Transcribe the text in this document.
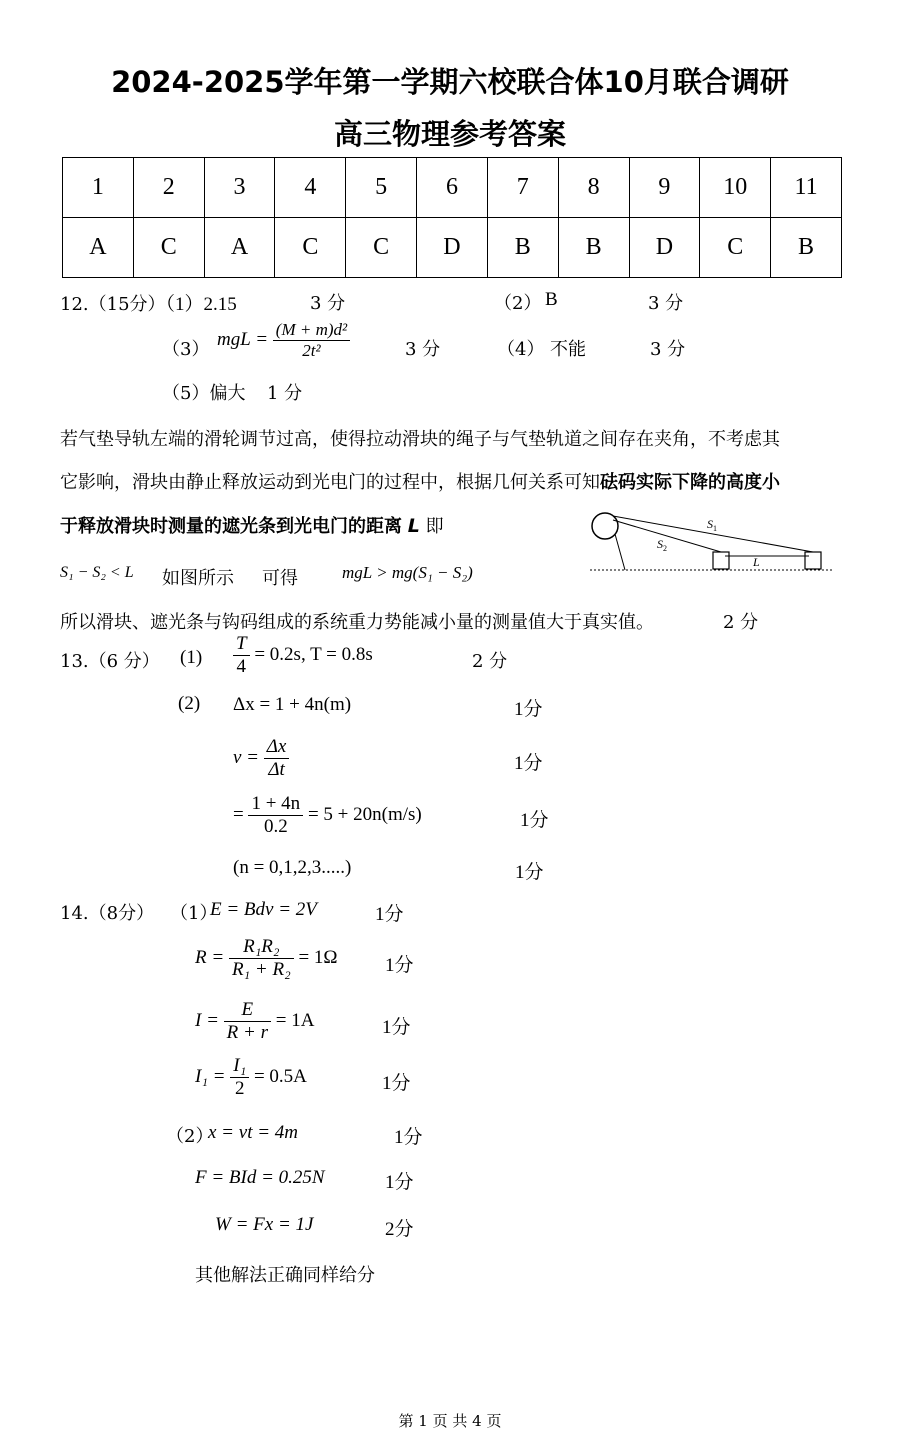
2024-2025学年第一学期六校联合体10月联合调研
高三物理参考答案
1	2	3	4	5	6	7	8	9	10	11
A	C	A	C	C	D	B	B	D	C	B
12.（15分）（1）2.15	3 分	（2） B	3 分
（3） mgL = $\frac{\text{(M + m)d²}}{\text{2t²}}$	3 分	（4） 不能	3 分
（5）偏大 1 分
若气垫导轨左端的滑轮调节过高，使得拉动滑块的绳子与气垫轨道之间存在夹角，不考虑其
它影响，滑块由静止释放运动到光电门的过程中，根据几何关系可知砝码实际下降的高度小
于释放滑块时测量的遮光条到光电门的距离 L 即	$S_1$
$S_2$
L
S₁ − S₂ < L 如图所示 可得	mgL > mg(S₁ − S₂)
所以滑块、遮光条与钩码组成的系统重力势能减小量的测量值大于真实值。	2 分
13.（6 分） $(1) \frac{T}{4} = 0.2s$, T = 0.8s	2 分
(2) Δx = 1 + 4n(m)	1分
$v = \frac{\Delta x}{\Delta t}$	1分
= $\frac{1 + 4n}{0.2} = 5 + 20n(m/s)$	1分
(n = 0,1,2,3.....)	1分
14.（8分） （1）
E = Bdv = 2V	1分
$R = \frac{\text{R₁R₂}}{\text{R₁ + R₂}} = 1\Omega$ 1分
$I = \frac{E}{R + r} = 1A$	1分
$I_1 = \frac{\text{I₁}}{2} = 0.5A$	1分
（2）
x = vt = 4m	1分
F = BId = 0.25N	1分
W = Fx = 1J	2分
其他解法正确同样给分
第 1 页 共 4 页
